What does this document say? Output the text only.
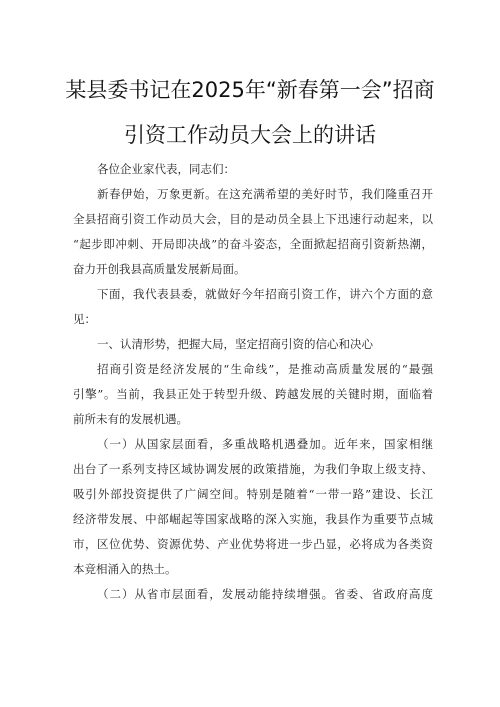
某县委书记在2025年“新春第一会”招商
引资工作动员大会上的讲话
各位企业家代表，同志们：
新春伊始，万象更新。在这充满希望的美好时节，我们隆重召开
全县招商引资工作动员大会，目的是动员全县上下迅速行动起来，以
“起步即冲刺、开局即决战”的奋斗姿态，全面掀起招商引资新热潮，
奋力开创我县高质量发展新局面。
下面，我代表县委，就做好今年招商引资工作，讲六个方面的意
见：
一、认清形势，把握大局，坚定招商引资的信心和决心
招商引资是经济发展的“生命线”，是推动高质量发展的“最强
引擎”。当前，我县正处于转型升级、跨越发展的关键时期，面临着
前所未有的发展机遇。
（一）从国家层面看，多重战略机遇叠加。近年来，国家相继
出台了一系列支持区域协调发展的政策措施，为我们争取上级支持、
吸引外部投资提供了广阔空间。特别是随着“一带一路”建设、长江
经济带发展、中部崛起等国家战略的深入实施，我县作为重要节点城
市，区位优势、资源优势、产业优势将进一步凸显，必将成为各类资
本竞相涌入的热土。
（二）从省市层面看，发展动能持续增强。省委、省政府高度
